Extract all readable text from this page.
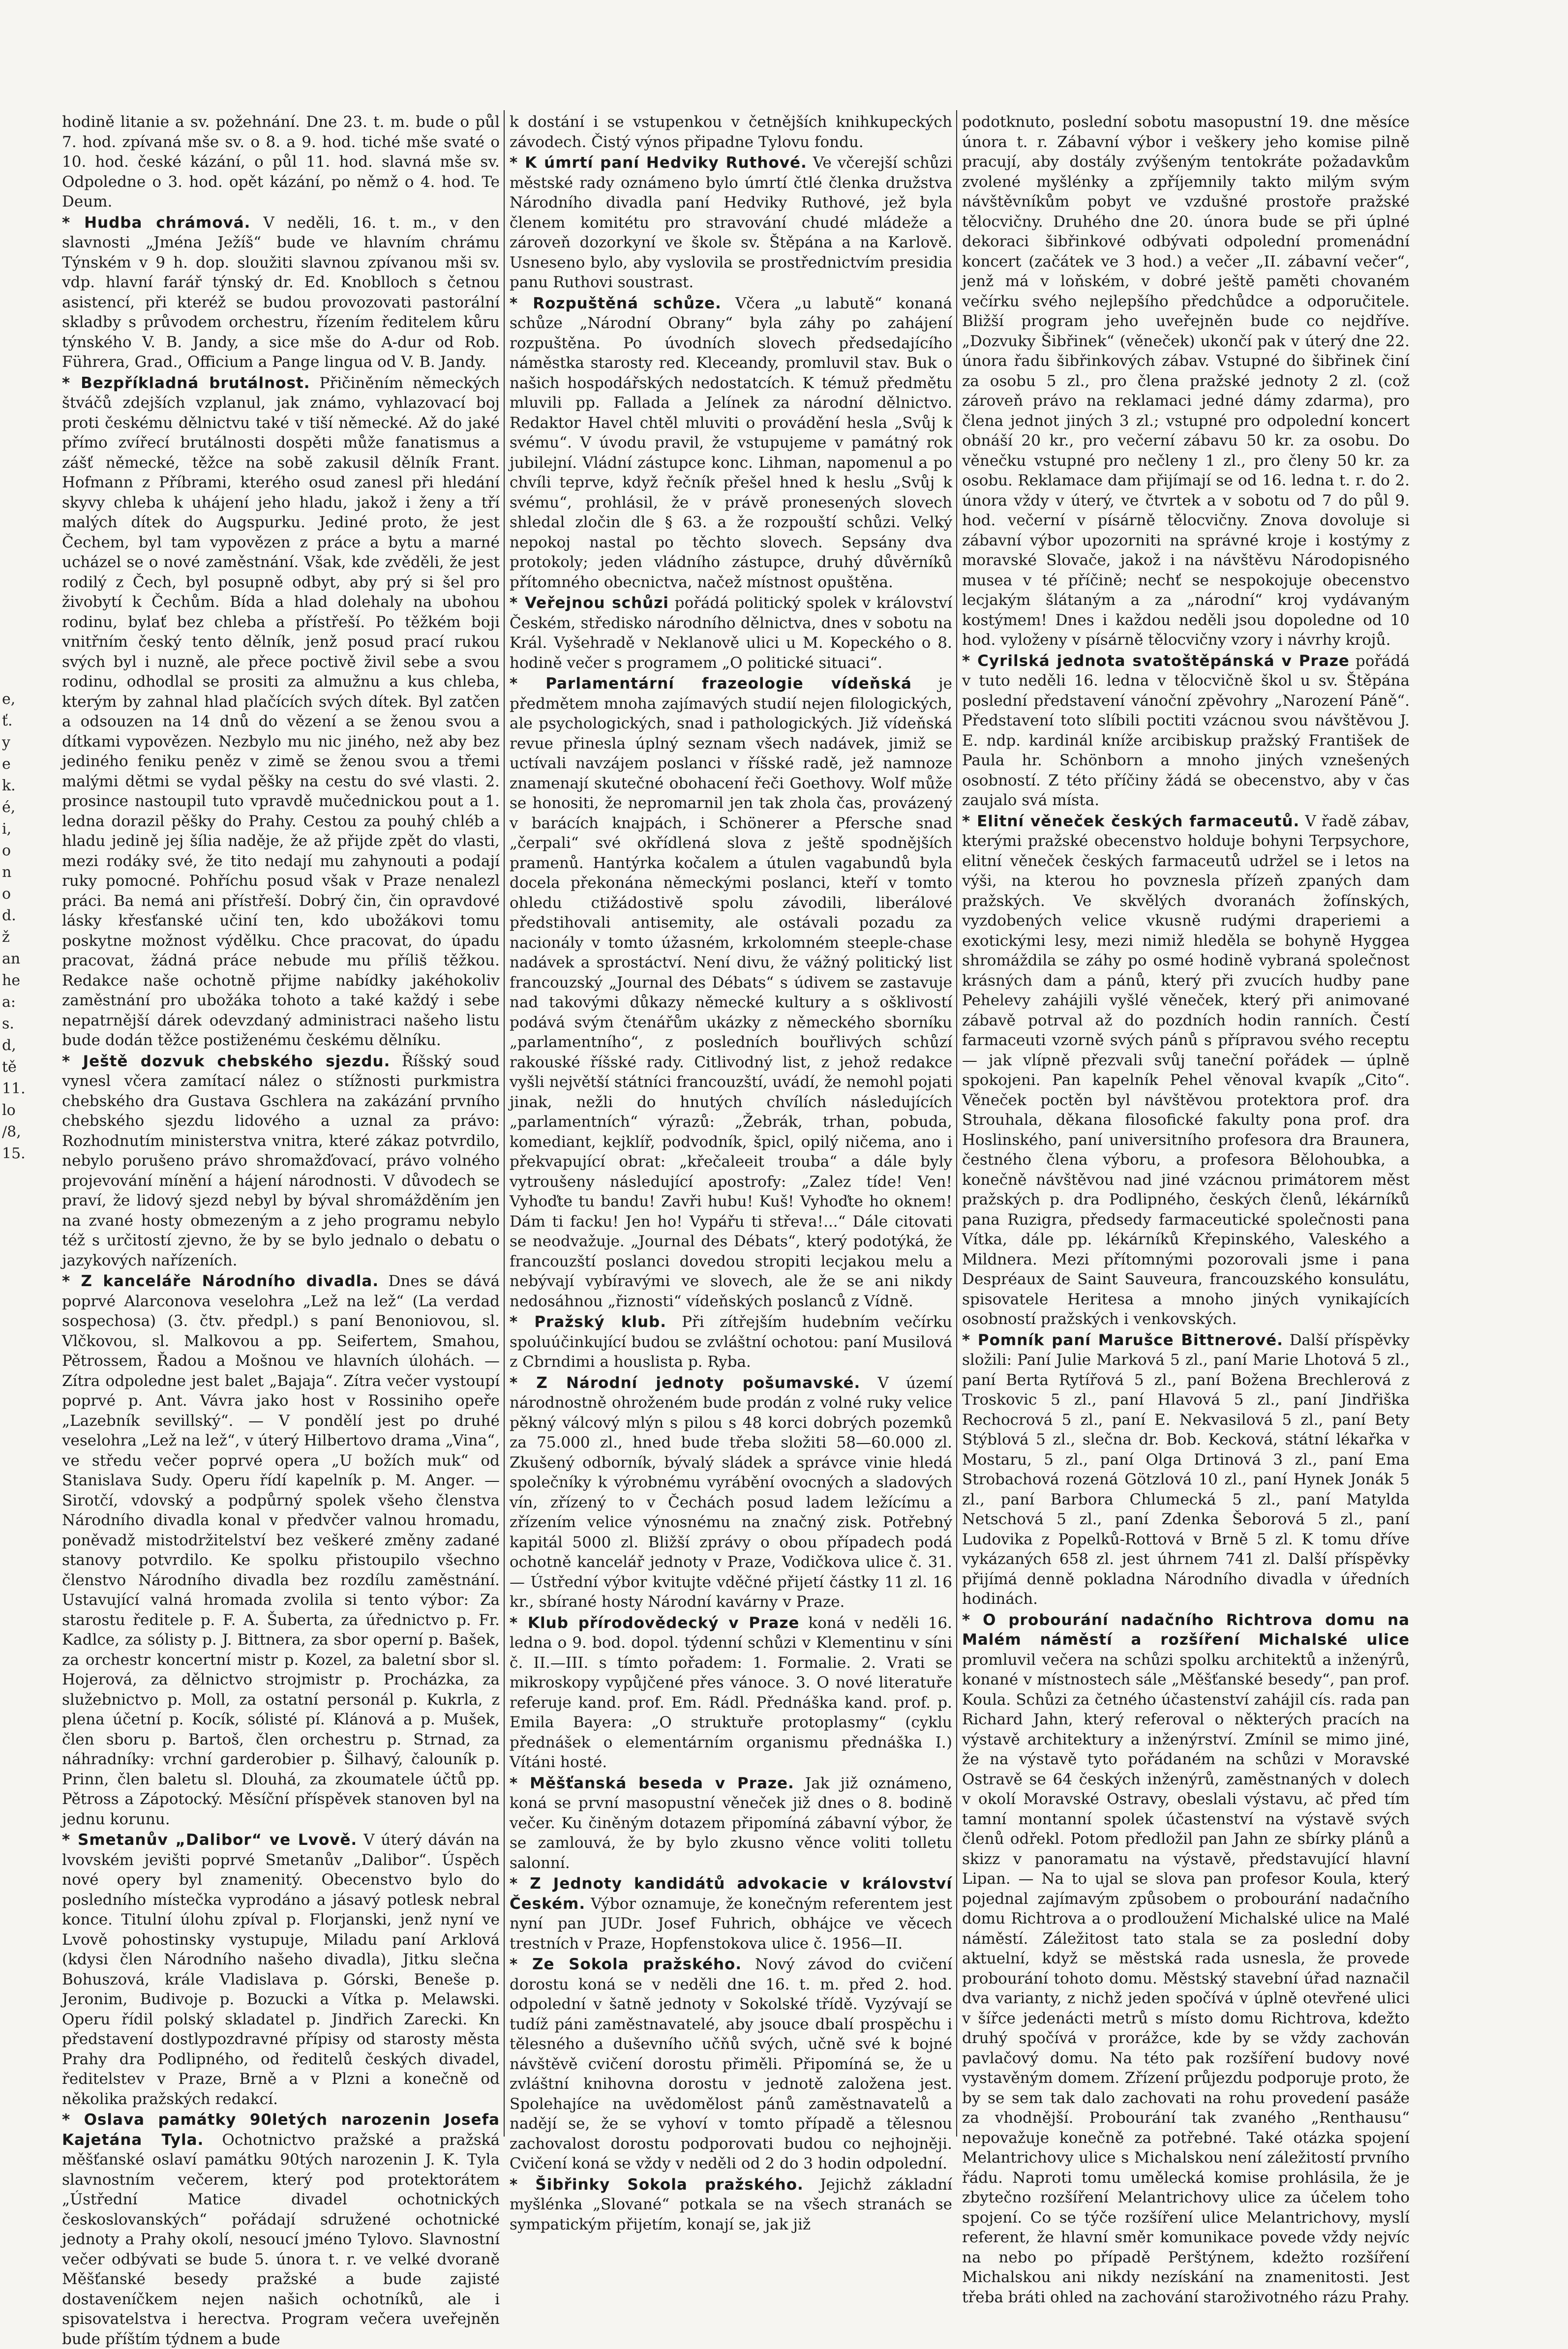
e,
ť.
y
e
k.
é,
i,
o
n
o
d.
ž
an
he
a:
s.
d,
tě
11.
lo
/8,
15.

hodině litanie a sv. požehnání. Dne 23. t. m. bude o půl 7. hod. zpívaná mše sv. o 8. a 9. hod. tiché mše svaté o 10. hod. české kázání, o půl 11. hod. slavná mše sv. Odpoledne o 3. hod. opět kázání, po němž o 4. hod. Te Deum.

* Hudba chrámová. V neděli, 16. t. m., v den slavnosti „Jména Ježíš“ bude ve hlavním chrámu Týnském v 9 h. dop. sloužiti slavnou zpívanou mši sv. vdp. hlavní farář týnský dr. Ed. Knoblloch s četnou asistencí, při kteréž se budou provozovati pastorální skladby s průvodem orchestru, řízením ředitelem kůru týnského V. B. Jandy, a sice mše do A-dur od Rob. Führera, Grad., Officium a Pange lingua od V. B. Jandy.

* Bezpříkladná brutálnost. Přičiněním německých štváčů zdejších vzplanul, jak známo, vyhlazovací boj proti českému dělnictvu také v tiší německé. Až do jaké přímo zvířecí brutálnosti dospěti může fanatismus a zášť německé, těžce na sobě zakusil dělník Frant. Hofmann z Příbrami, kterého osud zanesl při hledání skyvy chleba k uhájení jeho hladu, jakož i ženy a tří malých dítek do Augspurku. Jediné proto, že jest Čechem, byl tam vypovězen z práce a bytu a marné ucházel se o nové zaměstnání. Však, kde zvěděli, že jest rodilý z Čech, byl posupně odbyt, aby prý si šel pro živobytí k Čechům. Bída a hlad dolehaly na ubohou rodinu, bylať bez chleba a přístřeší. Po těžkém boji vnitřním český tento dělník, jenž posud prací rukou svých byl i nuzně, ale přece poctivě živil sebe a svou rodinu, odhodlal se prositi za almužnu a kus chleba, kterým by zahnal hlad plačících svých dítek. Byl zatčen a odsouzen na 14 dnů do vězení a se ženou svou a dítkami vypovězen. Nezbylo mu nic jiného, než aby bez jediného feniku peněz v zimě se ženou svou a třemi malými dětmi se vydal pěšky na cestu do své vlasti. 2. prosince nastoupil tuto vpravdě mučednickou pout a 1. ledna dorazil pěšky do Prahy. Cestou za pouhý chléb a hladu jedině jej šília naděje, že až přijde zpět do vlasti, mezi rodáky své, že tito nedají mu zahynouti a podají ruky pomocné. Pohříchu posud však v Praze nenalezl práci. Ba nemá ani přístřeší. Dobrý čin, čin opravdové lásky křesťanské učiní ten, kdo ubožákovi tomu poskytne možnost výdělku. Chce pracovat, do úpadu pracovat, žádná práce nebude mu příliš těžkou. Redakce naše ochotně přijme nabídky jakéhokoliv zaměstnání pro ubožáka tohoto a také každý i sebe nepatrnější dárek odevzdaný administraci našeho listu bude dodán těžce postiženému českému dělníku.

* Ještě dozvuk chebského sjezdu. Říšský soud vynesl včera zamítací nález o stížnosti purkmistra chebského dra Gustava Gschlera na zakázání prvního chebského sjezdu lidového a uznal za právo: Rozhodnutím ministerstva vnitra, které zákaz potvrdilo, nebylo porušeno právo shromažďovací, právo volného projevování mínění a hájení národnosti. V důvodech se praví, že lidový sjezd nebyl by býval shromážděním jen na zvané hosty obmezeným a z jeho programu nebylo též s určitostí zjevno, že by se bylo jednalo o debatu o jazykových nařízeních.

* Z kanceláře Národního divadla. Dnes se dává poprvé Alarconova veselohra „Lež na lež“ (La verdad sospechosa) (3. čtv. předpl.) s paní Benoniovou, sl. Vlčkovou, sl. Malkovou a pp. Seifertem, Smahou, Pětrossem, Řadou a Mošnou ve hlavních úlohách. — Zítra odpoledne jest balet „Bajaja“. Zítra večer vystoupí poprvé p. Ant. Vávra jako host v Rossiniho opeře „Lazebník sevillský“. — V pondělí jest po druhé veselohra „Lež na lež“, v úterý Hilbertovo drama „Vina“, ve středu večer poprvé opera „U božích muk“ od Stanislava Sudy. Operu řídí kapelník p. M. Anger. — Sirotčí, vdovský a podpůrný spolek všeho členstva Národního divadla konal v předvčer valnou hromadu, poněvadž mistodržitelství bez veškeré změny zadané stanovy potvrdilo. Ke spolku přistoupilo všechno členstvo Národního divadla bez rozdílu zaměstnání. Ustavující valná hromada zvolila si tento výbor: Za starostu ředitele p. F. A. Šuberta, za úřednictvo p. Fr. Kadlce, za sólisty p. J. Bittnera, za sbor operní p. Bašek, za orchestr koncertní mistr p. Kozel, za baletní sbor sl. Hojerová, za dělnictvo strojmistr p. Procházka, za služebnictvo p. Moll, za ostatní personál p. Kukrla, z plena účetní p. Kocík, sólisté pí. Klánová a p. Mušek, člen sboru p. Bartoš, člen orchestru p. Strnad, za náhradníky: vrchní garderobier p. Šilhavý, čalouník p. Prinn, člen baletu sl. Dlouhá, za zkoumatele účtů pp. Pětross a Zápotocký. Měsíční příspěvek stanoven byl na jednu korunu.

* Smetanův „Dalibor“ ve Lvově. V úterý dáván na lvovském jevišti poprvé Smetanův „Dalibor“. Úspěch nové opery byl znamenitý. Obecenstvo bylo do posledního místečka vyprodáno a jásavý potlesk nebral konce. Titulní úlohu zpíval p. Florjanski, jenž nyní ve Lvově pohostinsky vystupuje, Miladu paní Arklová (kdysi člen Národního našeho divadla), Jitku slečna Bohuszová, krále Vladislava p. Górski, Beneše p. Jeronim, Budivoje p. Bozucki a Vítka p. Melawski. Operu řídil polský skladatel p. Jindřich Zarecki. Kn představení dostlypozdravné přípisy od starosty města Prahy dra Podlipného, od ředitelů českých divadel, ředitelstev v Praze, Brně a v Plzni a konečně od několika pražských redakcí.

* Oslava památky 90letých narozenin Josefa Kajetána Tyla. Ochotnictvo pražské a pražská měšťanské oslaví památku 90tých narozenin J. K. Tyla slavnostním večerem, který pod protektorátem „Ústřední Matice divadel ochotnických českoslovanských“ pořádají sdružené ochotnické jednoty a Prahy okolí, nesoucí jméno Tylovo. Slavnostní večer odbývati se bude 5. února t. r. ve velké dvoraně Měšťanské besedy pražské a bude zajisté dostaveníčkem nejen našich ochotníků, ale i spisovatelstva i herectva. Program večera uveřejněn bude příštím týdnem a bude

k dostání i se vstupenkou v četnějších knihkupeckých závodech. Čistý výnos připadne Tylovu fondu.

* K úmrtí paní Hedviky Ruthové. Ve včerejší schůzi městské rady oznámeno bylo úmrtí čtlé členka družstva Národního divadla paní Hedviky Ruthové, jež byla členem komitétu pro stravování chudé mládeže a zároveň dozorkyní ve škole sv. Štěpána a na Karlově. Usneseno bylo, aby vyslovila se prostřednictvím presidia panu Ruthovi soustrast.

* Rozpuštěná schůze. Včera „u labutě“ konaná schůze „Národní Obrany“ byla záhy po zahájení rozpuštěna. Po úvodních slovech předsedajícího náměstka starosty red. Kleceandy, promluvil stav. Buk o našich hospodářských nedostatcích. K témuž předmětu mluvili pp. Fallada a Jelínek za národní dělnictvo. Redaktor Havel chtěl mluviti o provádění hesla „Svůj k svému“. V úvodu pravil, že vstupujeme v památný rok jubilejní. Vládní zástupce konc. Lihman, napomenul a po chvíli teprve, když řečník přešel hned k heslu „Svůj k svému“, prohlásil, že v právě pronesených slovech shledal zločin dle § 63. a že rozpouští schůzi. Velký nepokoj nastal po těchto slovech. Sepsány dva protokoly; jeden vládního zástupce, druhý důvěrníků přítomného obecnictva, načež místnost opuštěna.

* Veřejnou schůzi pořádá politický spolek v království Českém, středisko národního dělnictva, dnes v sobotu na Král. Vyšehradě v Neklanově ulici u M. Kopeckého o 8. hodině večer s programem „O politické situaci“.

* Parlamentární frazeologie vídeňská je předmětem mnoha zajímavých studií nejen filologických, ale psychologických, snad i pathologických. Již vídeňská revue přinesla úplný seznam všech nadávek, jimiž se uctívali navzájem poslanci v říšské radě, jež namnoze znamenají skutečné obohacení řeči Goethovy. Wolf může se honositi, že nepromarnil jen tak zhola čas, provázený v barácích knajpách, i Schönerer a Pfersche snad „čerpali“ své okřídlená slova z ještě spodnějších pramenů. Hantýrka kočalem a útulen vagabundů byla docela překonána německými poslanci, kteří v tomto ohledu ctižádostivě spolu závodili, liberálové předstihovali antisemity, ale ostávali pozadu za nacionály v tomto úžasném, krkolomném steeple-chase nadávek a sprostáctví. Není divu, že vážný politický list francouzský „Journal des Débats“ s údivem se zastavuje nad takovými důkazy německé kultury a s ošklivostí podává svým čtenářům ukázky z německého sborníku „parlamentního“, z posledních bouřlivých schůzí rakouské říšské rady. Citlivodný list, z jehož redakce vyšli největší státníci francouzští, uvádí, že nemohl pojati jinak, nežli do hnutých chvílích následujících „parlamentních“ výrazů: „Žebrák, trhan, pobuda, komediant, kejklíř, podvodník, špicl, opilý ničema, ano i překvapující obrat: „křečaleeit trouba“ a dále byly vytroušeny následující apostrofy: „Zalez tíde! Ven! Vyhoďte tu bandu! Zavři hubu! Kuš! Vyhoďte ho oknem! Dám ti facku! Jen ho! Vypářu ti střeva!...“ Dále citovati se neodvažuje. „Journal des Débats“, který podotýká, že francouzští poslanci dovedou stropiti lecjakou melu a nebývají vybíravými ve slovech, ale že se ani nikdy nedosáhnou „řiznosti“ vídeňských poslanců z Vídně.

* Pražský klub. Při zítřejším hudebním večírku spoluúčinkující budou se zvláštní ochotou: paní Musilová z Cbrndimi a houslista p. Ryba.

* Z Národní jednoty pošumavské. V území národnostně ohroženém bude prodán z volné ruky velice pěkný válcový mlýn s pilou s 48 korci dobrých pozemků za 75.000 zl., hned bude třeba složiti 58—60.000 zl. Zkušený odborník, bývalý sládek a správce vinie hledá společníky k výrobnému vyrábění ovocných a sladových vín, zřízený to v Čechách posud ladem ležícímu a zřízením velice výnosnému na značný zisk. Potřebný kapitál 5000 zl. Bližší zprávy o obou případech podá ochotně kancelář jednoty v Praze, Vodičkova ulice č. 31. — Ústřední výbor kvitujte vděčné přijetí částky 11 zl. 16 kr., sbírané hosty Národní kavárny v Praze.

* Klub přírodovědecký v Praze koná v neděli 16. ledna o 9. bod. dopol. týdenní schůzi v Klementinu v síni č. II.—III. s tímto pořadem: 1. Formalie. 2. Vrati se mikroskopy vypůjčené přes vánoce. 3. O nové literatuře referuje kand. prof. Em. Rádl. Přednáška kand. prof. p. Emila Bayera: „O struktuře protoplasmy“ (cyklu přednášek o elementárním organismu přednáška I.) Vítáni hosté.

* Měšťanská beseda v Praze. Jak již oznámeno, koná se první masopustní věneček již dnes o 8. bodině večer. Ku činěným dotazem připomíná zábavní výbor, že se zamlouvá, že by bylo zkusno věnce voliti tolletu salonní.

* Z Jednoty kandidátů advokacie v království Českém. Výbor oznamuje, že konečným referentem jest nyní pan JUDr. Josef Fuhrich, obhájce ve věcech trestních v Praze, Hopfenstokova ulice č. 1956—II.

* Ze Sokola pražského. Nový závod do cvičení dorostu koná se v neděli dne 16. t. m. před 2. hod. odpolední v šatně jednoty v Sokolské třídě. Vyzývají se tudíž páni zaměstnavatelé, aby jsouce dbalí prospěchu i tělesného a duševního učňů svých, učně své k bojné návštěvě cvičení dorostu přiměli. Připomíná se, že u zvláštní knihovna dorostu v jednotě založena jest. Spolehajíce na uvědomělost pánů zaměstnavatelů a nadějí se, že se vyhoví v tomto případě a tělesnou zachovalost dorostu podporovati budou co nejhojněji. Cvičení koná se vždy v neděli od 2 do 3 hodin odpolední.

* Šibřinky Sokola pražského. Jejichž základní myšlénka „Slované“ potkala se na všech stranách se sympatickým přijetím, konají se, jak již

podotknuto, poslední sobotu masopustní 19. dne měsíce února t. r. Zábavní výbor i veškery jeho komise pilně pracují, aby dostály zvýšeným tentokráte požadavkům zvolené myšlénky a zpříjemnily takto milým svým návštěvníkům pobyt ve vzdušné prostoře pražské tělocvičny. Druhého dne 20. února bude se při úplné dekoraci šibřinkové odbývati odpolední promenádní koncert (začátek ve 3 hod.) a večer „II. zábavní večer“, jenž má v loňském, v dobré ještě paměti chovaném večírku svého nejlepšího předchůdce a odporučitele. Bližší program jeho uveřejněn bude co nejdříve. „Dozvuky Šibřinek“ (věneček) ukončí pak v úterý dne 22. února řadu šibřinkových zábav. Vstupné do šibřinek činí za osobu 5 zl., pro člena pražské jednoty 2 zl. (což zároveň právo na reklamaci jedné dámy zdarma), pro člena jednot jiných 3 zl.; vstupné pro odpolední koncert obnáší 20 kr., pro večerní zábavu 50 kr. za osobu. Do věnečku vstupné pro nečleny 1 zl., pro členy 50 kr. za osobu. Reklamace dam přijímají se od 16. ledna t. r. do 2. února vždy v úterý, ve čtvrtek a v sobotu od 7 do půl 9. hod. večerní v písárně tělocvičny. Znova dovoluje si zábavní výbor upozorniti na správné kroje i kostýmy z moravské Slovače, jakož i na návštěvu Národopisného musea v té příčině; nechť se nespokojuje obecenstvo lecjakým šlátaným a za „národní“ kroj vydávaným kostýmem! Dnes i každou neděli jsou dopoledne od 10 hod. vyloženy v písárně tělocvičny vzory i návrhy krojů.

* Cyrilská jednota svatoštěpánská v Praze pořádá v tuto neděli 16. ledna v tělocvičně škol u sv. Štěpána poslední představení vánoční zpěvohry „Narození Páně“. Představení toto slíbili poctiti vzácnou svou návštěvou J. E. ndp. kardinál kníže arcibiskup pražský František de Paula hr. Schönborn a mnoho jiných vznešených osobností. Z této příčiny žádá se obecenstvo, aby v čas zaujalo svá místa.

* Elitní věneček českých farmaceutů. V řadě zábav, kterými pražské obecenstvo holduje bohyni Terpsychore, elitní věneček českých farmaceutů udržel se i letos na výši, na kterou ho povznesla přízeň zpaných dam pražských. Ve skvělých dvoranách žofínských, vyzdobených velice vkusně rudými draperiemi a exotickými lesy, mezi nimiž hleděla se bohyně Hyggea shromáždila se záhy po osmé hodině vybraná společnost krásných dam a pánů, který při zvucích hudby pane Pehelevy zahájili vyšlé věneček, který při animované zábavě potrval až do pozdních hodin ranních. Čestí farmaceuti vzorně svých pánů s přípravou svého receptu — jak vlípně přezvali svůj taneční pořádek — úplně spokojeni. Pan kapelník Pehel věnoval kvapík „Cito“. Věneček poctěn byl návštěvou protektora prof. dra Strouhala, děkana filosofické fakulty pona prof. dra Hoslinského, paní universitního profesora dra Braunera, čestného člena výboru, a profesora Bělohoubka, a konečně návštěvou nad jiné vzácnou primátorem měst pražských p. dra Podlipného, českých členů, lékárníků pana Ruzigra, předsedy farmaceutické společnosti pana Vítka, dále pp. lékárníků Křepinského, Valeského a Mildnera. Mezi přítomnými pozorovali jsme i pana Despréaux de Saint Sauveura, francouzského konsulátu, spisovatele Heritesa a mnoho jiných vynikajících osobností pražských i venkovských.

* Pomník paní Marušce Bittnerové. Další příspěvky složili: Paní Julie Marková 5 zl., paní Marie Lhotová 5 zl., paní Berta Rytířová 5 zl., paní Božena Brechlerová z Troskovic 5 zl., paní Hlavová 5 zl., paní Jindřiška Rechocrová 5 zl., paní E. Nekvasilová 5 zl., paní Bety Stýblová 5 zl., slečna dr. Bob. Kecková, státní lékařka v Mostaru, 5 zl., paní Olga Drtinová 3 zl., paní Ema Strobachová rozená Götzlová 10 zl., paní Hynek Jonák 5 zl., paní Barbora Chlumecká 5 zl., paní Matylda Netschová 5 zl., paní Zdenka Šeborová 5 zl., paní Ludovika z Popelků-Rottová v Brně 5 zl. K tomu dříve vykázaných 658 zl. jest úhrnem 741 zl. Další příspěvky přijímá denně pokladna Národního divadla v úředních hodinách.

* O probourání nadačního Richtrova domu na Malém náměstí a rozšíření Michalské ulice promluvil večera na schůzi spolku architektů a inženýrů, konané v místnostech sále „Měšťanské besedy“, pan prof. Koula. Schůzi za četného účastenství zahájil cís. rada pan Richard Jahn, který referoval o některých pracích na výstavě architektury a inženýrství. Zmínil se mimo jiné, že na výstavě tyto pořádaném na schůzi v Moravské Ostravě se 64 českých inženýrů, zaměstnaných v dolech v okolí Moravské Ostravy, obeslali výstavu, ač před tím tamní montanní spolek účastenství na výstavě svých členů odřekl. Potom předložil pan Jahn ze sbírky plánů a skizz v panoramatu na výstavě, představující hlavní Lipan. — Na to ujal se slova pan profesor Koula, který pojednal zajímavým způsobem o probourání nadačního domu Richtrova a o prodloužení Michalské ulice na Malé náměstí. Záležitost tato stala se za poslední doby aktuelní, když se městská rada usnesla, že provede probourání tohoto domu. Městský stavební úřad naznačil dva varianty, z nichž jeden spočívá v úplně otevřené ulici v šířce jedenácti metrů s místo domu Richtrova, kdežto druhý spočívá v prorážce, kde by se vždy zachován pavlačový domu. Na této pak rozšíření budovy nové vystavěným domem. Zřízení průjezdu podporuje proto, že by se sem tak dalo zachovati na rohu provedení pasáže za vhodnější. Probourání tak zvaného „Renthausu“ nepovažuje konečně za potřebné. Také otázka spojení Melantrichovy ulice s Michalskou není záležitostí prvního řádu. Naproti tomu umělecká komise prohlásila, že je zbytečno rozšíření Melantrichovy ulice za účelem toho spojení. Co se týče rozšíření ulice Melantrichovy, myslí referent, že hlavní směr komunikace povede vždy nejvíc na nebo po případě Perštýnem, kdežto rozšíření Michalskou ani nikdy nezískání na znamenitosti. Jest třeba bráti ohled na zachování staroživotného rázu Prahy.
